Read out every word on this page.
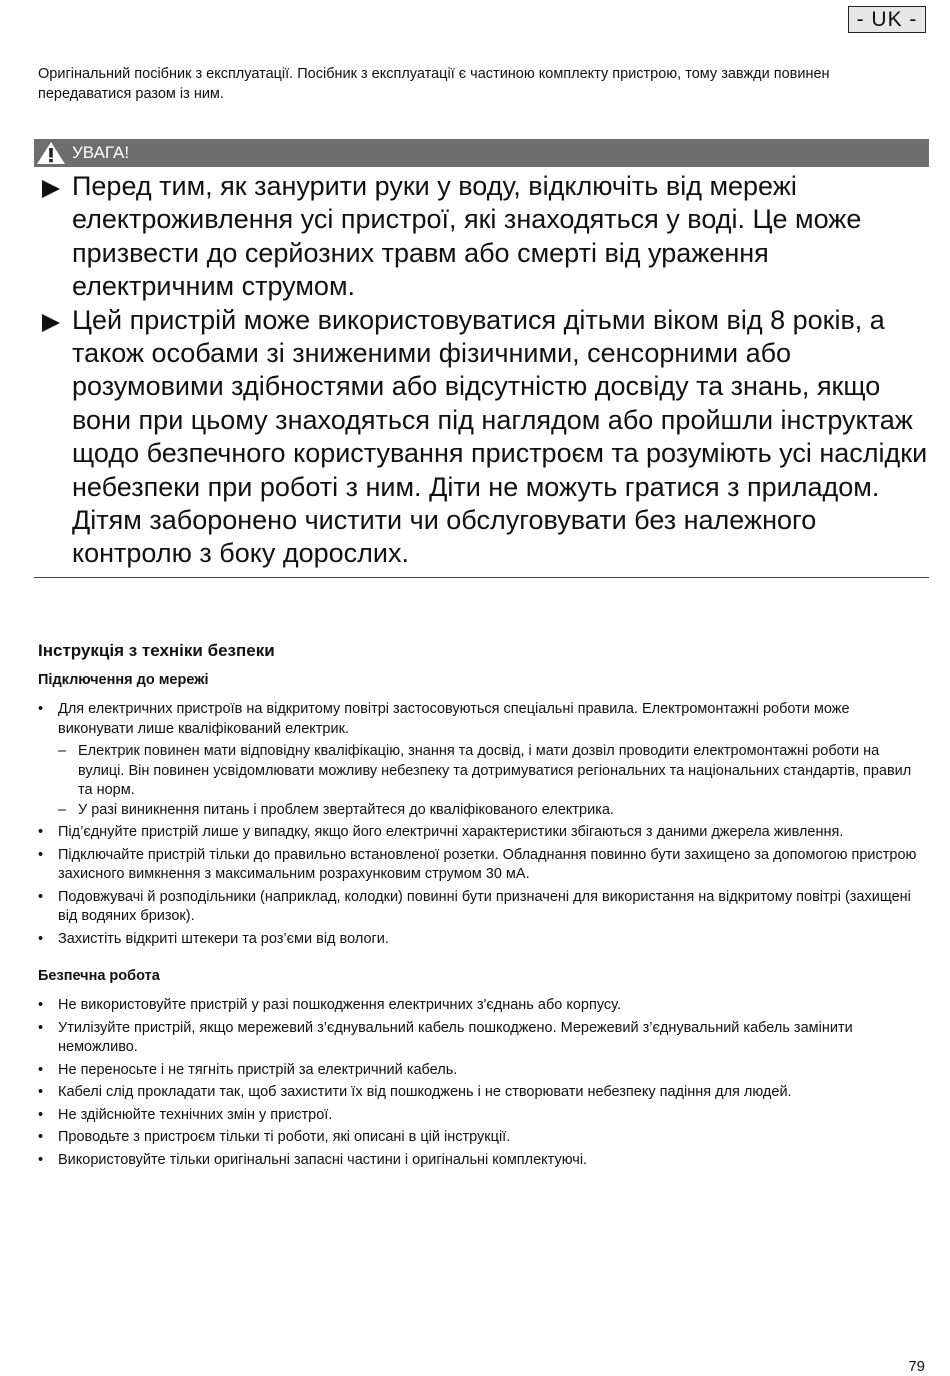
- UK -
Оригінальний посібник з експлуатації. Посібник з експлуатації є частиною комплекту пристрою, тому завжди повинен передаватися разом із ним.
УВАГА!
Перед тим, як занурити руки у воду, відключіть від мережі електроживлення усі пристрої, які знаходяться у воді. Це може призвести до серйозних травм або смерті від ураження електричним струмом.
Цей пристрій може використовуватися дітьми віком від 8 років, а також особами зі зниженими фізичними, сенсорними або розумовими здібностями або відсутністю досвіду та знань, якщо вони при цьому знаходяться під наглядом або пройшли інструктаж щодо безпечного користування пристроєм та розуміють усі наслідки небезпеки при роботі з ним. Діти не можуть гратися з приладом. Дітям заборонено чистити чи обслуговувати без належного контролю з боку дорослих.
Інструкція з техніки безпеки
Підключення до мережі
• Для електричних пристроїв на відкритому повітрі застосовуються спеціальні правила. Електромонтажні роботи може виконувати лише кваліфікований електрик.
– Електрик повинен мати відповідну кваліфікацію, знання та досвід, і мати дозвіл проводити електромонтажні роботи на вулиці. Він повинен усвідомлювати можливу небезпеку та дотримуватися регіональних та національних стандартів, правил та норм.
– У разі виникнення питань і проблем звертайтеся до кваліфікованого електрика.
• Під’єднуйте пристрій лише у випадку, якщо його електричні характеристики збігаються з даними джерела живлення.
• Підключайте пристрій тільки до правильно встановленої розетки. Обладнання повинно бути захищено за допомогою пристрою захисного вимкнення з максимальним розрахунковим струмом 30 мА.
• Подовжувачі й розподільники (наприклад, колодки) повинні бути призначені для використання на відкритому повітрі (захищені від водяних бризок).
• Захистіть відкриті штекери та роз’єми від вологи.
Безпечна робота
• Не використовуйте пристрій у разі пошкодження електричних з'єднань або корпусу.
• Утилізуйте пристрій, якщо мережевий з’єднувальний кабель пошкоджено. Мережевий з’єднувальний кабель замінити неможливо.
• Не переносьте і не тягніть пристрій за електричний кабель.
• Кабелі слід прокладати так, щоб захистити їх від пошкоджень і не створювати небезпеку падіння для людей.
• Не здійснюйте технічних змін у пристрої.
• Проводьте з пристроєм тільки ті роботи, які описані в цій інструкції.
• Використовуйте тільки оригінальні запасні частини і оригінальні комплектуючі.
79
